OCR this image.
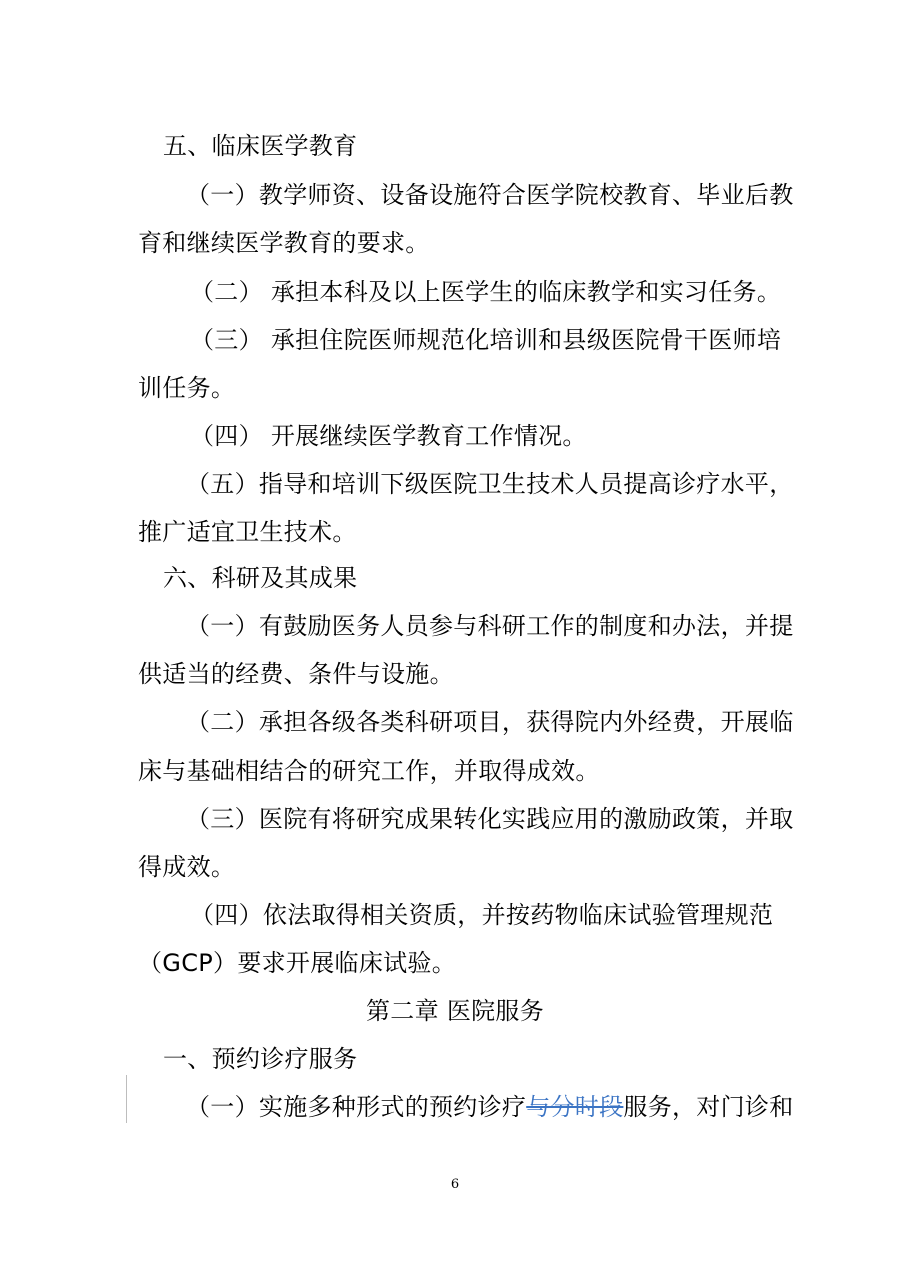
五、临床医学教育
（一）教学师资、设备设施符合医学院校教育、毕业后教
育和继续医学教育的要求。
（二） 承担本科及以上医学生的临床教学和实习任务。
（三） 承担住院医师规范化培训和县级医院骨干医师培
训任务。
（四） 开展继续医学教育工作情况。
（五）指导和培训下级医院卫生技术人员提高诊疗水平，
推广适宜卫生技术。
六、科研及其成果
（一）有鼓励医务人员参与科研工作的制度和办法，并提
供适当的经费、条件与设施。
（二）承担各级各类科研项目，获得院内外经费，开展临
床与基础相结合的研究工作，并取得成效。
（三）医院有将研究成果转化实践应用的激励政策，并取
得成效。
（四）依法取得相关资质，并按药物临床试验管理规范
（GCP）要求开展临床试验。
第二章 医院服务
一、预约诊疗服务
（一）实施多种形式的预约诊疗与分时段服务，对门诊和
6
